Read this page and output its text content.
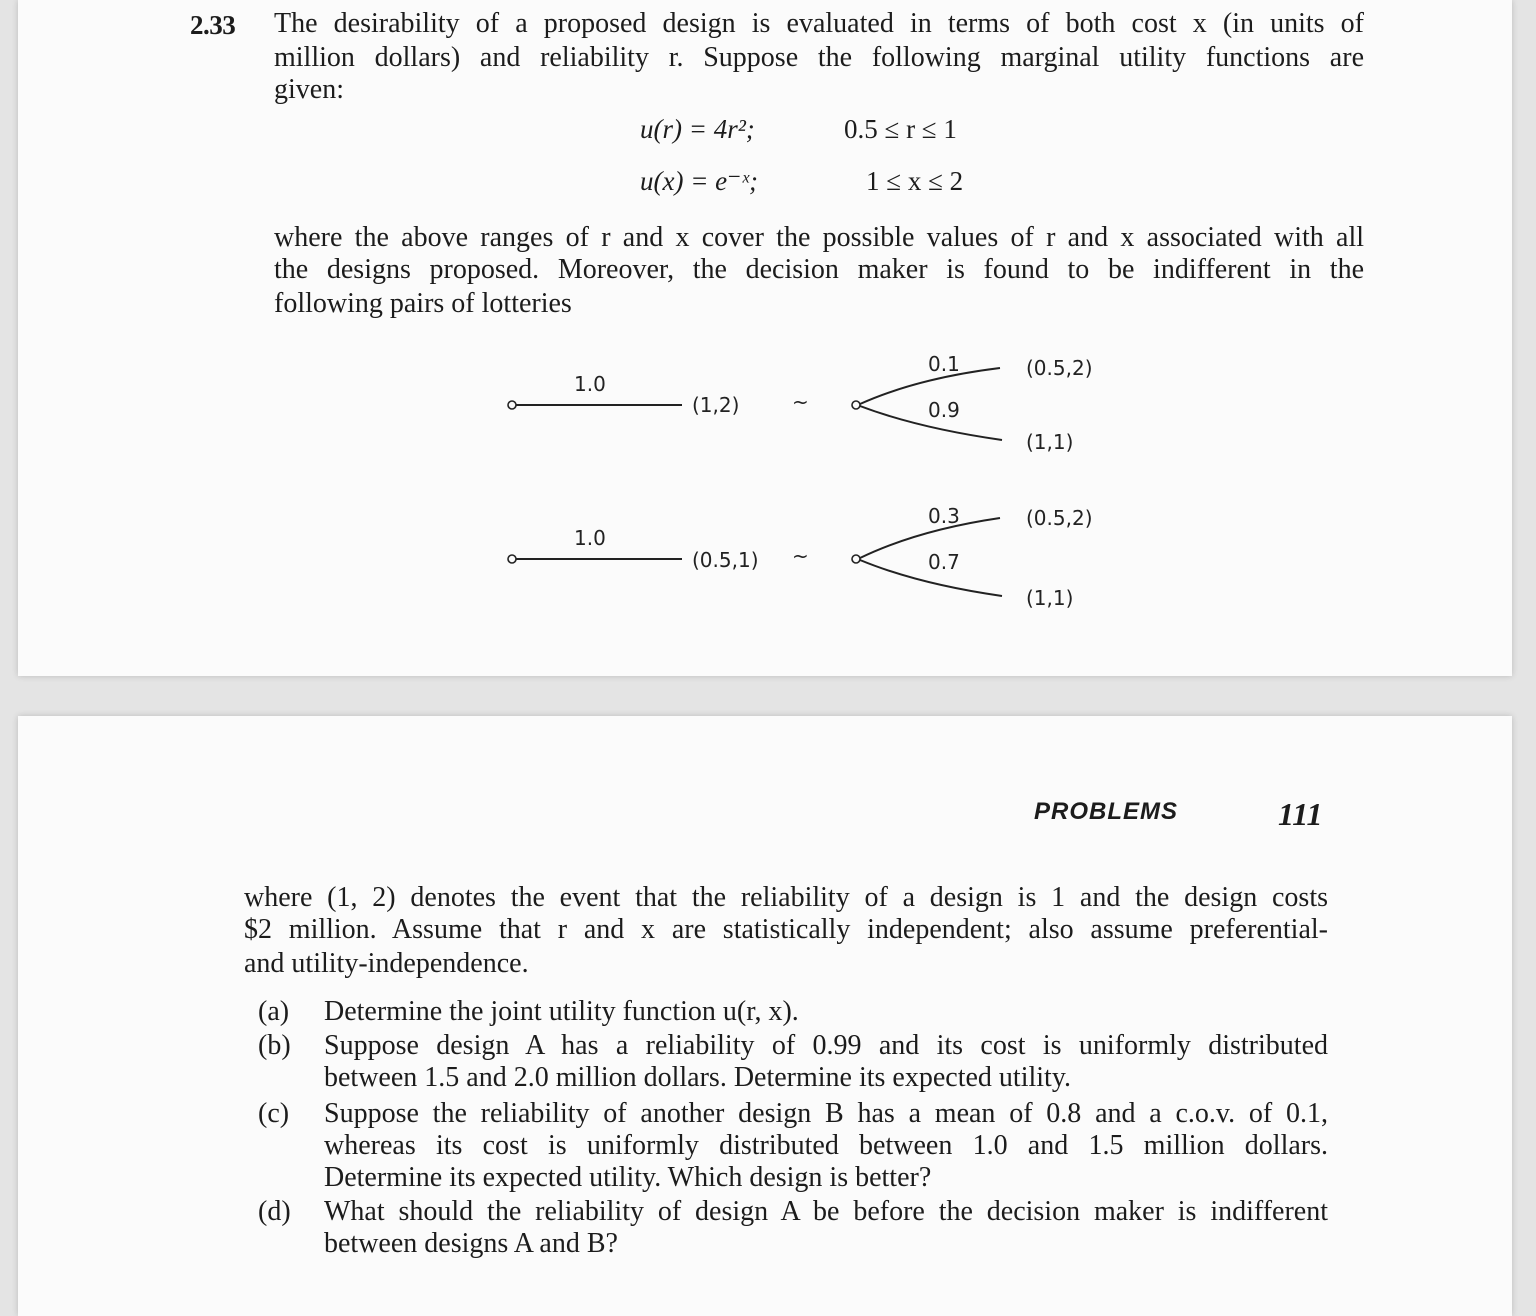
2.33 The desirability of a proposed design is evaluated in terms of both cost x (in units of
million dollars) and reliability r. Suppose the following marginal utility functions are
given:
u(r) = 4r²;	0.5 ≤ r ≤ 1
u(x) = e⁻ˣ;	1 ≤ x ≤ 2
where the above ranges of r and x cover the possible values of r and x associated with all
the designs proposed. Moreover, the decision maker is found to be indifferent in the
following pairs of lotteries
1.0
(1,2)	~
0.1	(0.5,2)
0.9
(1,1)
1.0
(0.5,1) ~
0.3	(0.5,2)
0.7
(1,1)
PROBLEMS	111
where (1, 2) denotes the event that the reliability of a design is 1 and the design costs
$2 million. Assume that r and x are statistically independent; also assume preferential-
and utility-independence.
(a) Determine the joint utility function u(r, x).
(b) Suppose design A has a reliability of 0.99 and its cost is uniformly distributed
between 1.5 and 2.0 million dollars. Determine its expected utility.
(c) Suppose the reliability of another design B has a mean of 0.8 and a c.o.v. of 0.1,
whereas its cost is uniformly distributed between 1.0 and 1.5 million dollars.
Determine its expected utility. Which design is better?
(d) What should the reliability of design A be before the decision maker is indifferent
between designs A and B?
